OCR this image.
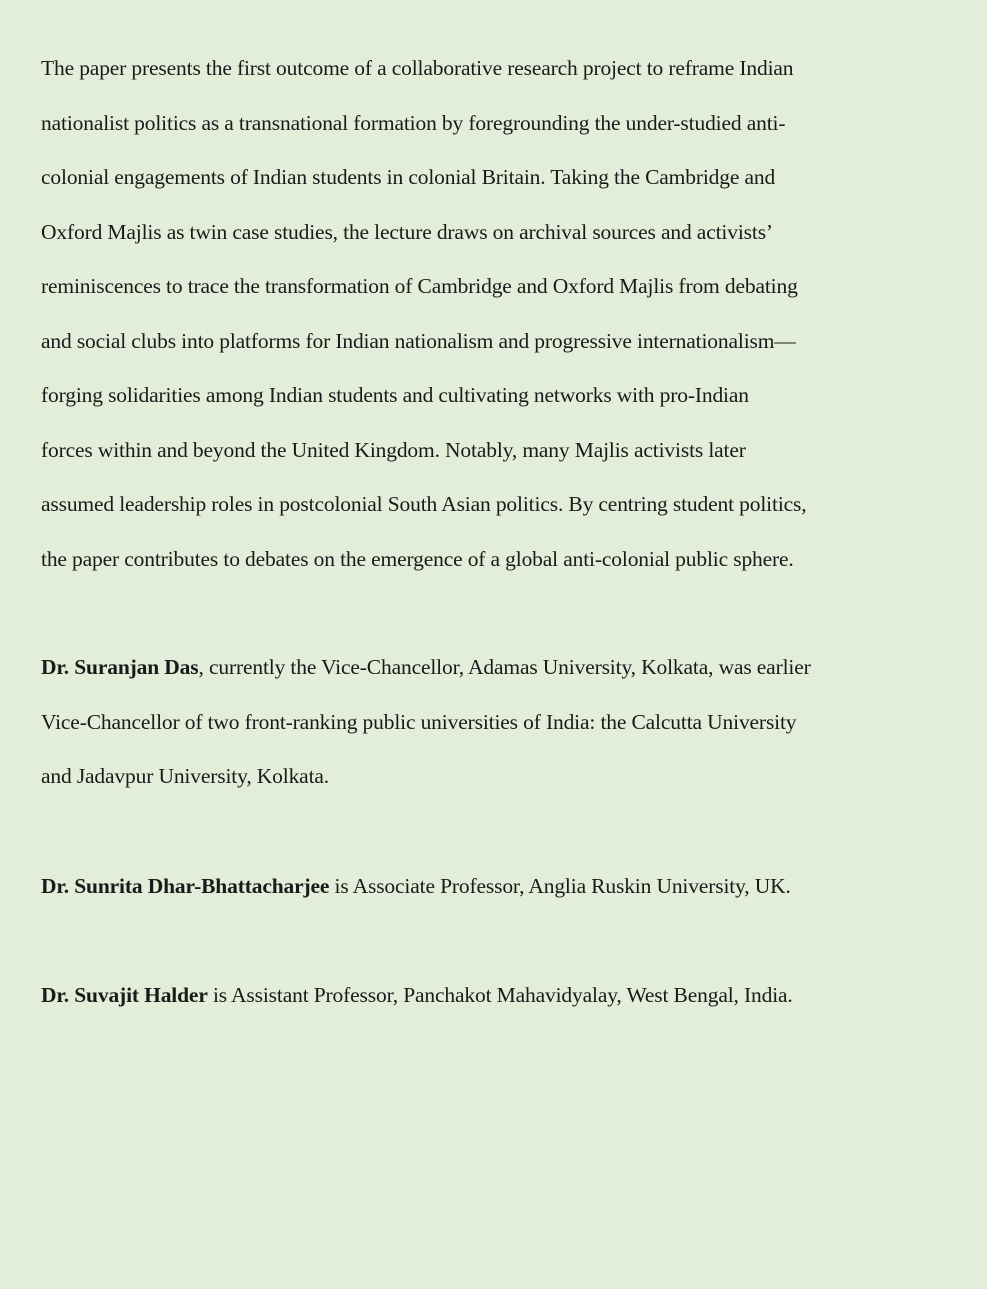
The paper presents the first outcome of a collaborative research project to reframe Indian
nationalist politics as a transnational formation by foregrounding the under-studied anti-
colonial engagements of Indian students in colonial Britain. Taking the Cambridge and
Oxford Majlis as twin case studies, the lecture draws on archival sources and activists’
reminiscences to trace the transformation of Cambridge and Oxford Majlis from debating
and social clubs into platforms for Indian nationalism and progressive internationalism—
forging solidarities among Indian students and cultivating networks with pro-Indian
forces within and beyond the United Kingdom. Notably, many Majlis activists later
assumed leadership roles in postcolonial South Asian politics. By centring student politics,
the paper contributes to debates on the emergence of a global anti-colonial public sphere.
Dr. Suranjan Das, currently the Vice-Chancellor, Adamas University, Kolkata, was earlier
Vice-Chancellor of two front-ranking public universities of India: the Calcutta University
and Jadavpur University, Kolkata.
Dr. Sunrita Dhar-Bhattacharjee is Associate Professor, Anglia Ruskin University, UK.
Dr. Suvajit Halder is Assistant Professor, Panchakot Mahavidyalay, West Bengal, India.
